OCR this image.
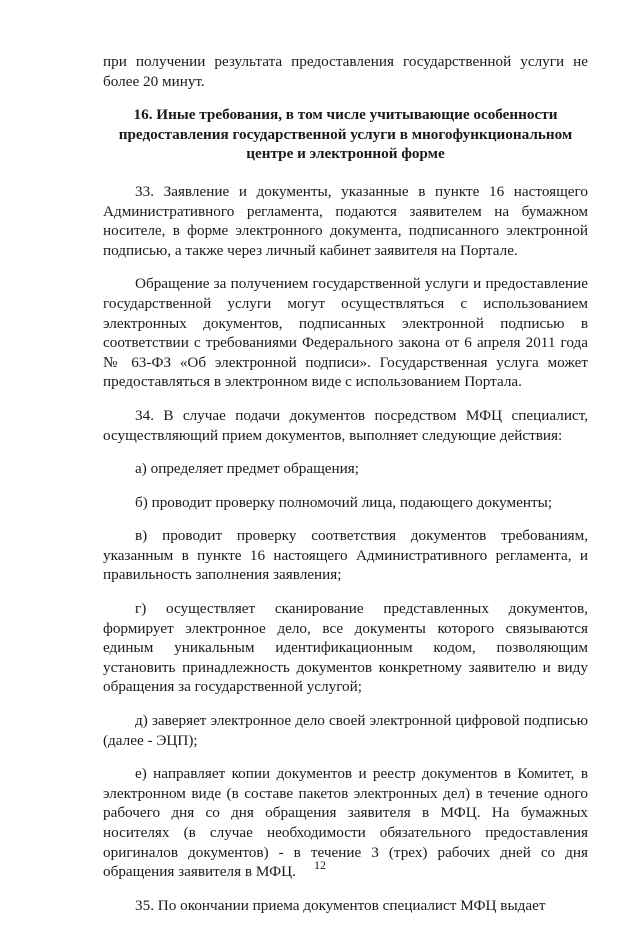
при получении результата предоставления государственной услуги не более 20 минут.

16. Иные требования, в том числе учитывающие особенности предоставления государственной услуги в многофункциональном центре и электронной форме

33. Заявление и документы, указанные в пункте 16 настоящего Административного регламента, подаются заявителем на бумажном носителе, в форме электронного документа, подписанного электронной подписью, а также через личный кабинет заявителя на Портале.

Обращение за получением государственной услуги и предоставление государственной услуги могут осуществляться с использованием электронных документов, подписанных электронной подписью в соответствии с требованиями Федерального закона от 6 апреля 2011 года № 63-ФЗ «Об электронной подписи». Государственная услуга может предоставляться в электронном виде с использованием Портала.

34. В случае подачи документов посредством МФЦ специалист, осуществляющий прием документов, выполняет следующие действия:

а) определяет предмет обращения;

б) проводит проверку полномочий лица, подающего документы;

в) проводит проверку соответствия документов требованиям, указанным в пункте 16 настоящего Административного регламента, и правильность заполнения заявления;

г) осуществляет сканирование представленных документов, формирует электронное дело, все документы которого связываются единым уникальным идентификационным кодом, позволяющим установить принадлежность документов конкретному заявителю и виду обращения за государственной услугой;

д) заверяет электронное дело своей электронной цифровой подписью (далее - ЭЦП);

е) направляет копии документов и реестр документов в Комитет, в электронном виде (в составе пакетов электронных дел) в течение одного рабочего дня со дня обращения заявителя в МФЦ. На бумажных носителях (в случае необходимости обязательного предоставления оригиналов документов) - в течение 3 (трех) рабочих дней со дня обращения заявителя в МФЦ.

35. По окончании приема документов специалист МФЦ выдает

12
